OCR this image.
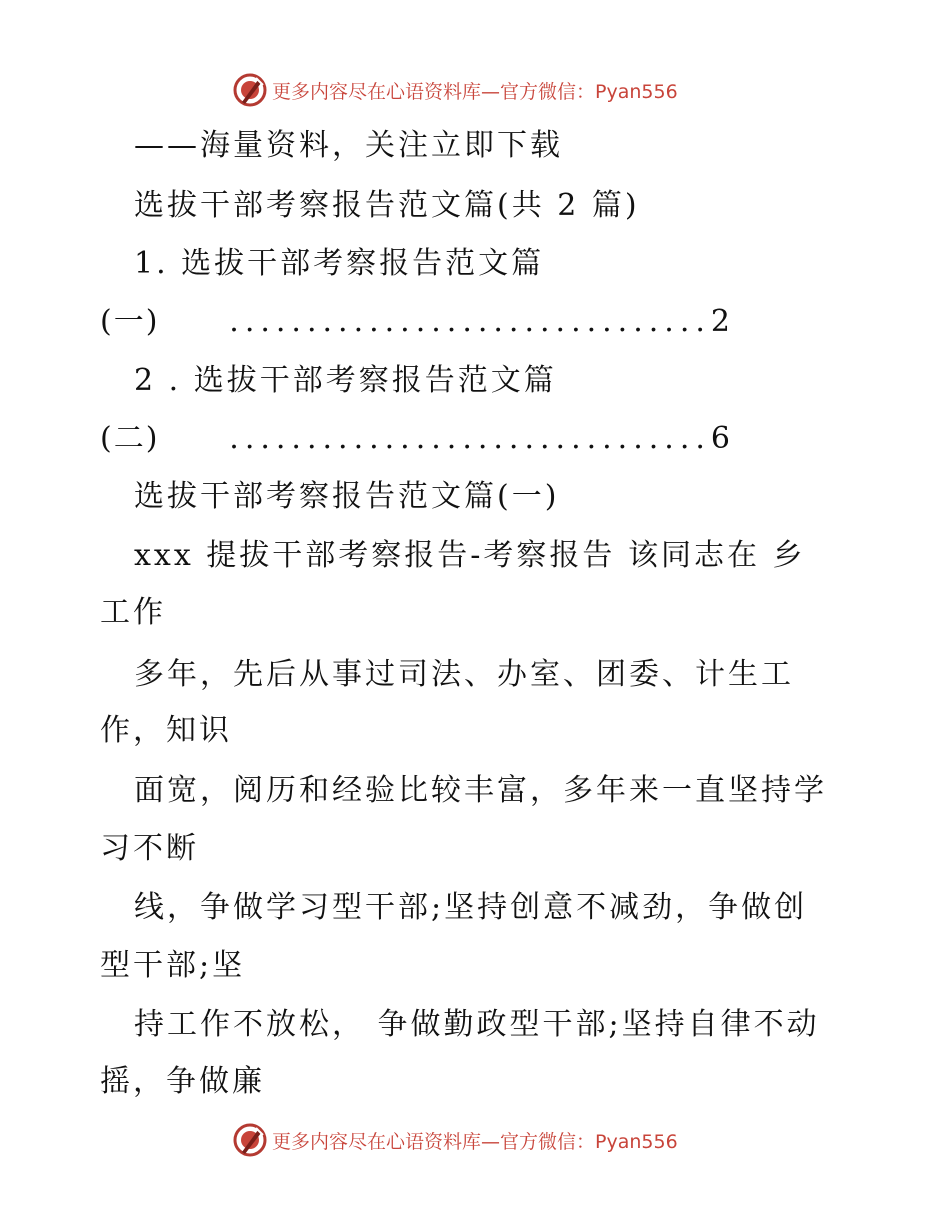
更多内容尽在心语资料库—官方微信：Pyan556
——海量资料，关注立即下载
选拔干部考察报告范文篇(共 2 篇)
1. 选拔干部考察报告范文篇
(一)	............................... 2
2 . 选拔干部考察报告范文篇
(二)	............................... 6
选拔干部考察报告范文篇(一)
xxx 提拔干部考察报告-考察报告 该同志在 乡
工作
多年，先后从事过司法、办室、团委、计生工
作，知识
面宽，阅历和经验比较丰富，多年来一直坚持学
习不断
线，争做学习型干部;坚持创意不减劲，争做创
型干部;坚
持工作不放松， 争做勤政型干部;坚持自律不动
摇，争做廉
更多内容尽在心语资料库—官方微信：Pyan556
